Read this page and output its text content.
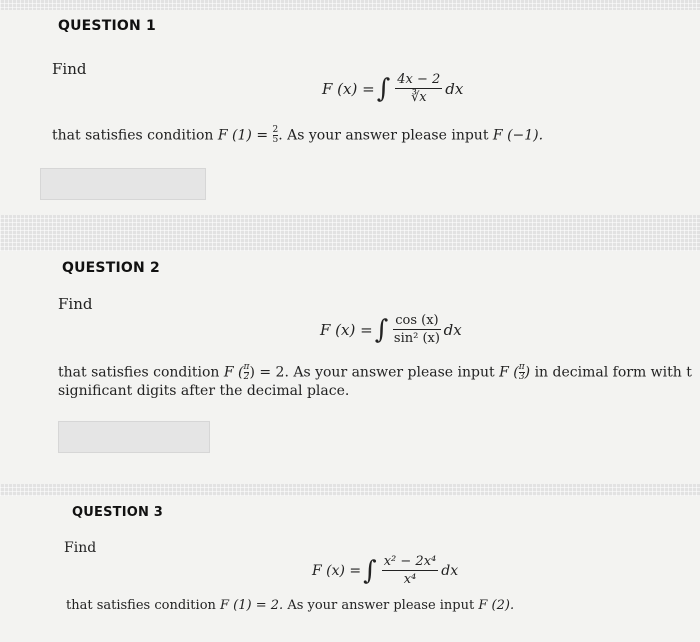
QUESTION 1
Find
F (x) = ∫ $\frac{4x - 2}{∛x}$ dx
that satisfies condition F $(1) = \frac{2}{5}$ . As your answer please input F (−1).
QUESTION 2
Find
F (x) = ∫ $\frac{\cos (x)}{\text{sin² (x)}}$ dx
that satisfies condition F ( $\frac{\pi}{2}$ ) = 2. As your answer please input F ( $\frac{\pi}{3}$ ) in decimal form with t
significant digits after the decimal place.
QUESTION 3
Find
F (x) = ∫ $\frac{\text{x² − 2x⁴}}{\text{x⁴}}$ dx
that satisfies condition F (1) = 2. As your answer please input F (2).
